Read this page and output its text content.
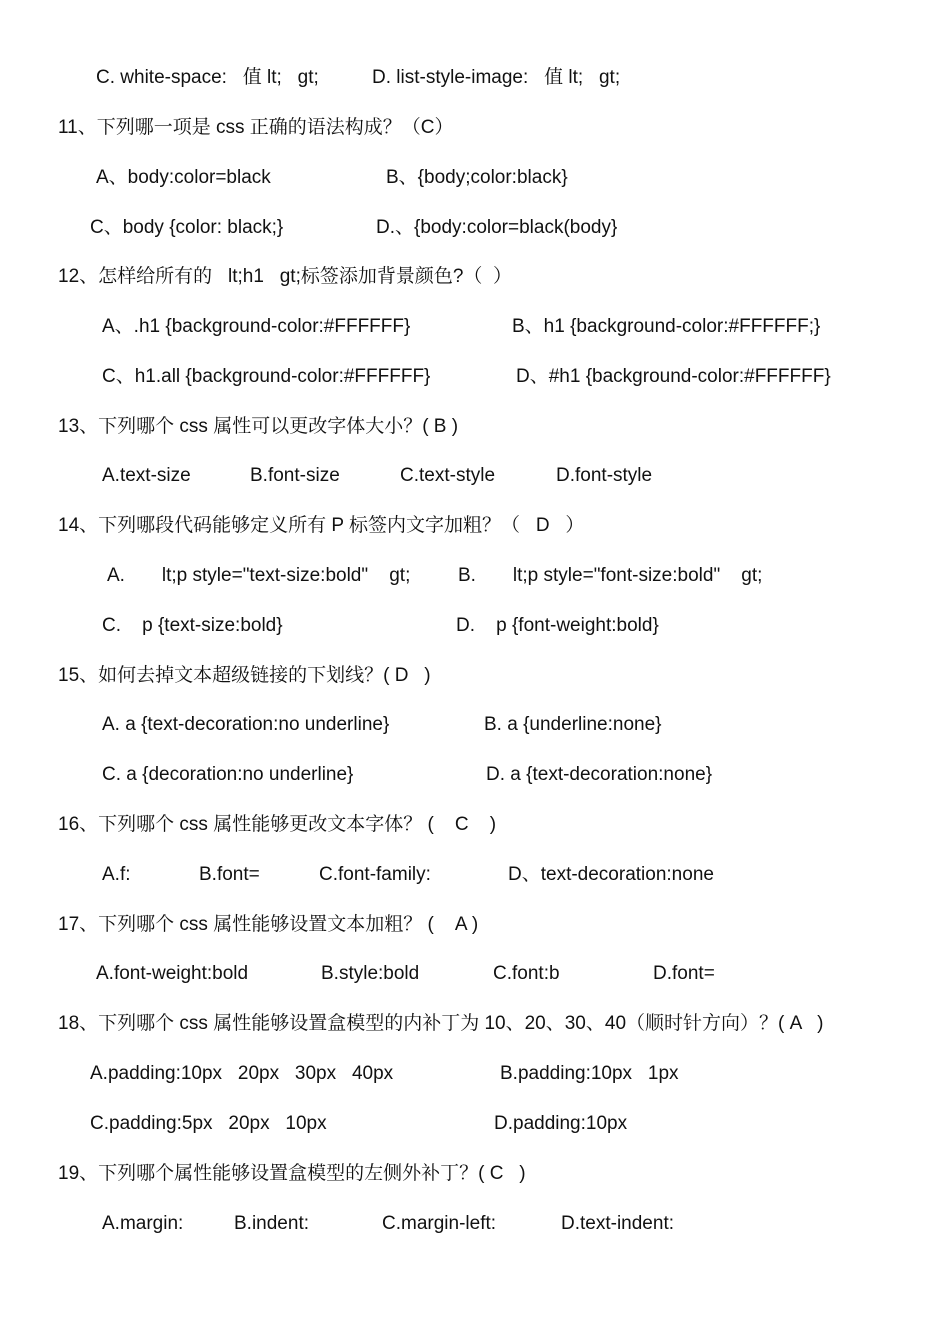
C. white-space:   值 lt;   gt;	D. list-style-image:   值 lt;   gt;
11、下列哪一项是 css 正确的语法构成？（C）
A、body:color=black	B、{body;color:black}
C、body {color: black;}	D.、{body:color=black(body}
12、怎样给所有的   lt;h1   gt;标签添加背景颜色?（  ）
A、.h1 {background-color:#FFFFFF}	B、h1 {background-color:#FFFFFF;}
C、h1.all {background-color:#FFFFFF}	D、#h1 {background-color:#FFFFFF}
13、下列哪个 css 属性可以更改字体大小？( B )
A.text-size	B.font-size	C.text-style	D.font-style
14、下列哪段代码能够定义所有 P 标签内文字加粗？（   D   ）
A.       lt;p style="text-size:bold"    gt;	B.       lt;p style="font-size:bold"    gt;
C.    p {text-size:bold}	D.    p {font-weight:bold}
15、如何去掉文本超级链接的下划线？( D   )
A. a {text-decoration:no underline}	B. a {underline:none}
C. a {decoration:no underline}	D. a {text-decoration:none}
16、下列哪个 css 属性能够更改文本字体？ (    C    )
A.f:	B.font=	C.font-family:	D、text-decoration:none
17、下列哪个 css 属性能够设置文本加粗？ (    A )
A.font-weight:bold	B.style:bold	C.font:b	D.font=
18、下列哪个 css 属性能够设置盒模型的内补丁为 10、20、30、40（顺时针方向）？( A   )
A.padding:10px   20px   30px   40px	B.padding:10px   1px
C.padding:5px   20px   10px	D.padding:10px
19、下列哪个属性能够设置盒模型的左侧外补丁？( C   )
A.margin:	B.indent:	C.margin-left:	D.text-indent:
